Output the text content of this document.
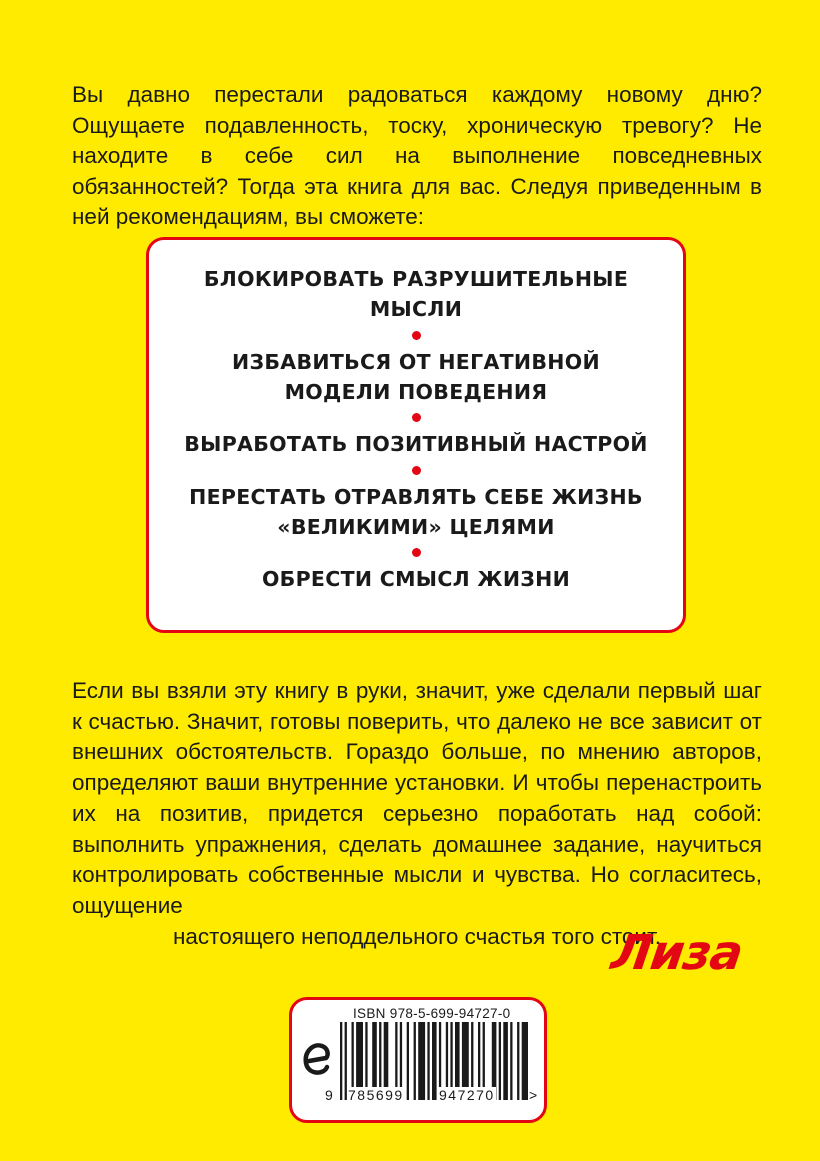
Вы давно перестали радоваться каждому новому дню? Ощущаете подавленность, тоску, хроническую тревогу? Не находите в себе сил на выполнение повседневных обязанностей? Тогда эта книга для вас. Следуя приведенным в ней рекомендациям, вы сможете:

БЛОКИРОВАТЬ РАЗРУШИТЕЛЬНЫЕ МЫСЛИ

ИЗБАВИТЬСЯ ОТ НЕГАТИВНОЙ
МОДЕЛИ ПОВЕДЕНИЯ

ВЫРАБОТАТЬ ПОЗИТИВНЫЙ НАСТРОЙ

ПЕРЕСТАТЬ ОТРАВЛЯТЬ СЕБЕ ЖИЗНЬ
«ВЕЛИКИМИ» ЦЕЛЯМИ

ОБРЕСТИ СМЫСЛ ЖИЗНИ

Если вы взяли эту книгу в руки, значит, уже сделали первый шаг к счастью. Значит, готовы поверить, что далеко не все зависит от внешних обстоятельств. Гораздо больше, по мнению авторов, определяют ваши внутренние установки. И чтобы перенастроить их на позитив, придется серьезно поработать над собой: выполнить упражнения, сделать домашнее задание, научиться контролировать собственные мысли и чувства. Но согласитесь, ощущение
настоящего неподдельного счастья того стоит.

Лиза
ISBN 978-5-699-94727-0
9 785699	947270 >
